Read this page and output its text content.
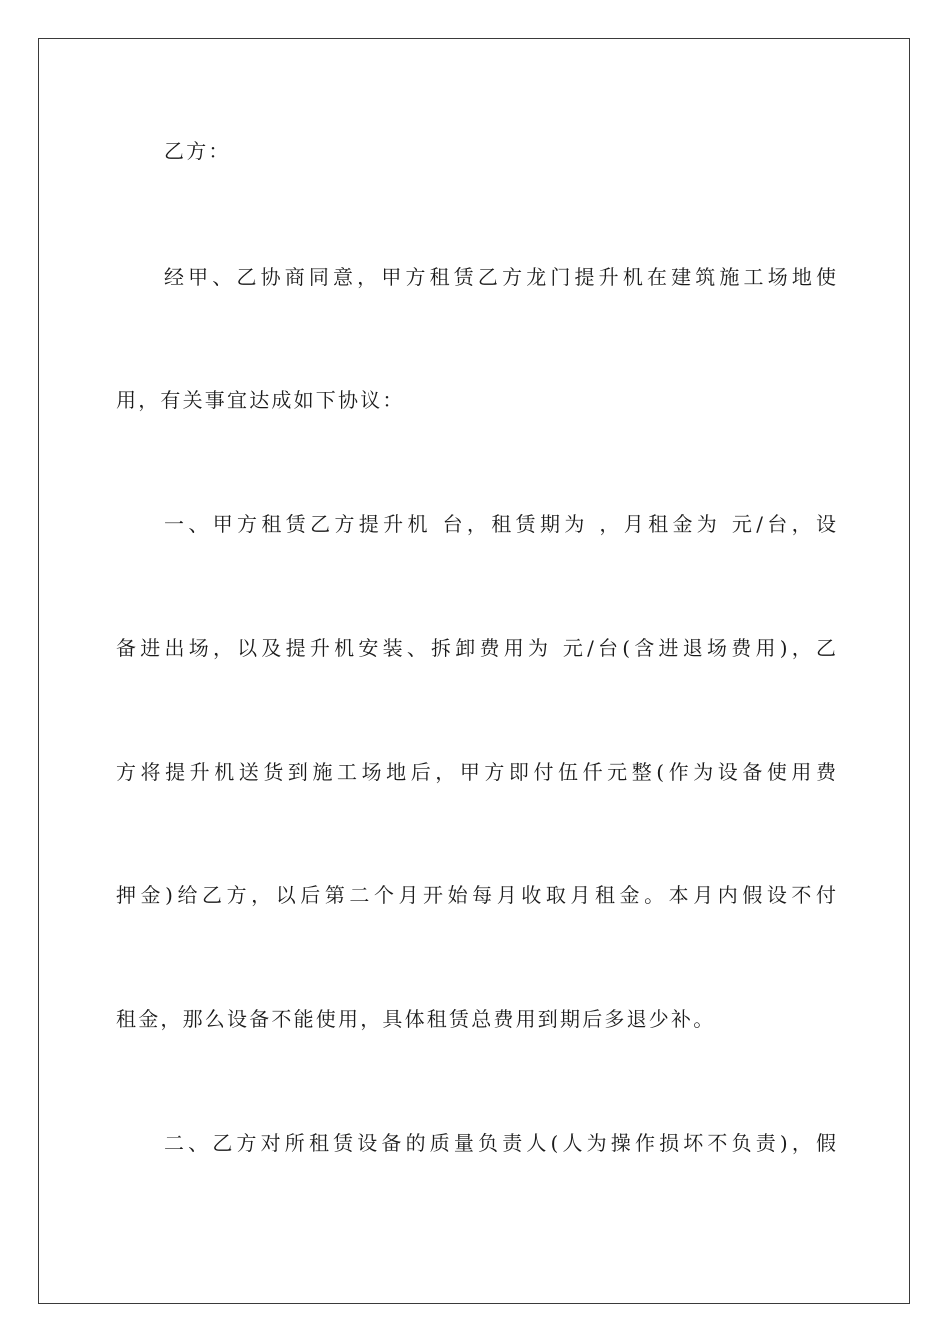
乙方：
经甲、乙协商同意，甲方租赁乙方龙门提升机在建筑施工场地使
用，有关事宜达成如下协议：
一、甲方租赁乙方提升机 台，租赁期为 ，月租金为 元/台，设
备进出场，以及提升机安装、拆卸费用为 元/台(含进退场费用)，乙
方将提升机送货到施工场地后，甲方即付伍仟元整(作为设备使用费
押金)给乙方，以后第二个月开始每月收取月租金。本月内假设不付
租金，那么设备不能使用，具体租赁总费用到期后多退少补。
二、乙方对所租赁设备的质量负责人(人为操作损坏不负责)，假
